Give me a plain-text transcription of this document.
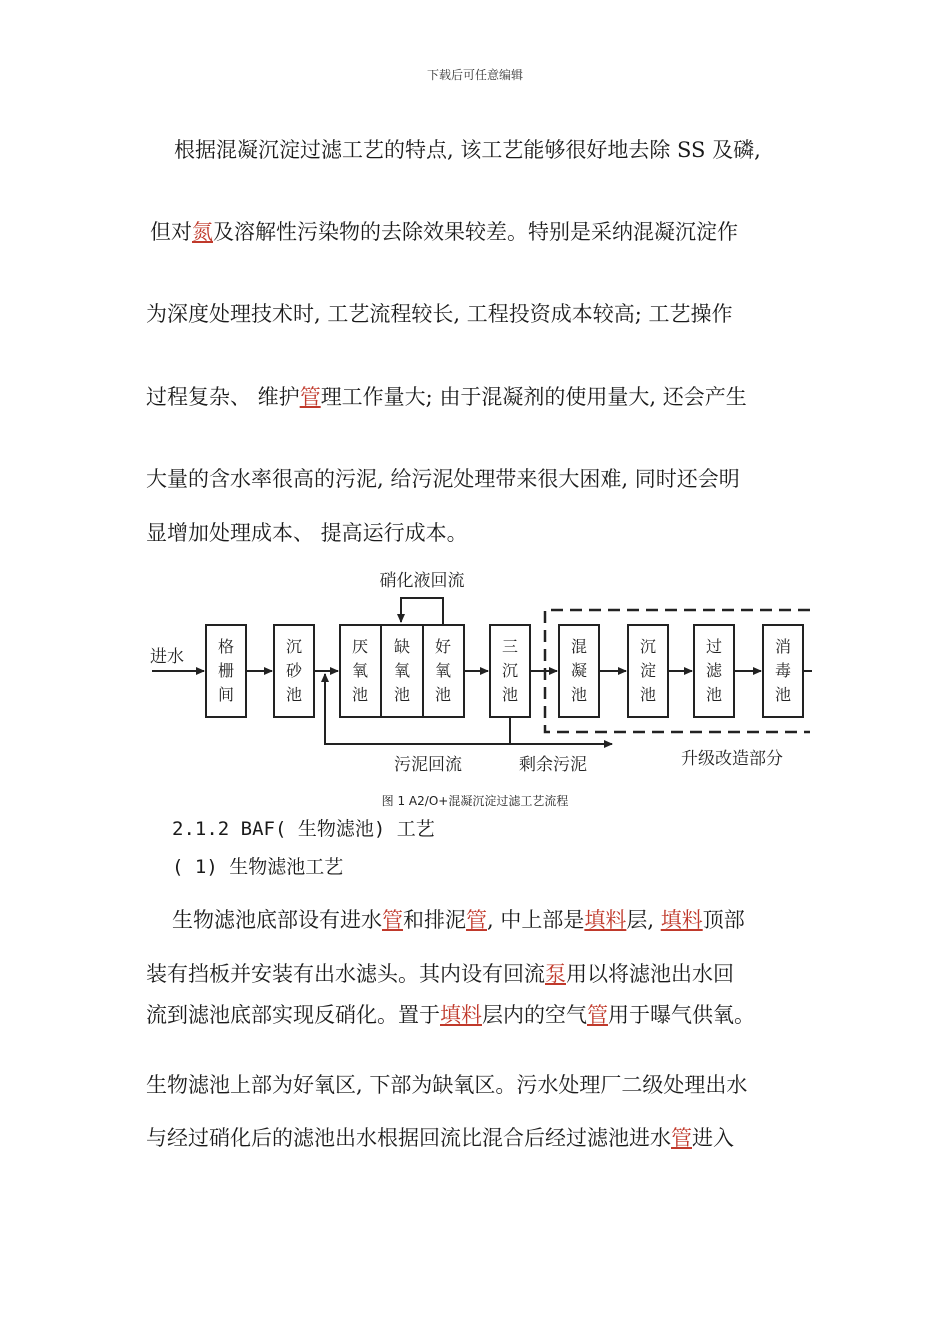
下载后可任意编辑
根据混凝沉淀过滤工艺的特点, 该工艺能够很好地去除 SS 及磷,
但对氮及溶解性污染物的去除效果较差。特别是采纳混凝沉淀作
为深度处理技术时, 工艺流程较长, 工程投资成本较高; 工艺操作
过程复杂、 维护管理工作量大; 由于混凝剂的使用量大, 还会产生
大量的含水率很高的污泥, 给污泥处理带来很大困难, 同时还会明
显增加处理成本、 提高运行成本。
硝化液回流
进水
污泥回流	剩余污泥	升级改造部分
格
栅
间
沉
砂
池
厌
氧
池
缺
氧
池
好
氧
池
三
沉
池
混
凝
池
沉
淀
池
过
滤
池
消
毒
池
图 1 A2/O+混凝沉淀过滤工艺流程
2.1.2 BAF( 生物滤池) 工艺
( 1) 生物滤池工艺
生物滤池底部设有进水管和排泥管, 中上部是填料层, 填料顶部
装有挡板并安装有出水滤头。其内设有回流泵用以将滤池出水回
流到滤池底部实现反硝化。置于填料层内的空气管用于曝气供氧。
生物滤池上部为好氧区, 下部为缺氧区。污水处理厂二级处理出水
与经过硝化后的滤池出水根据回流比混合后经过滤池进水管进入
